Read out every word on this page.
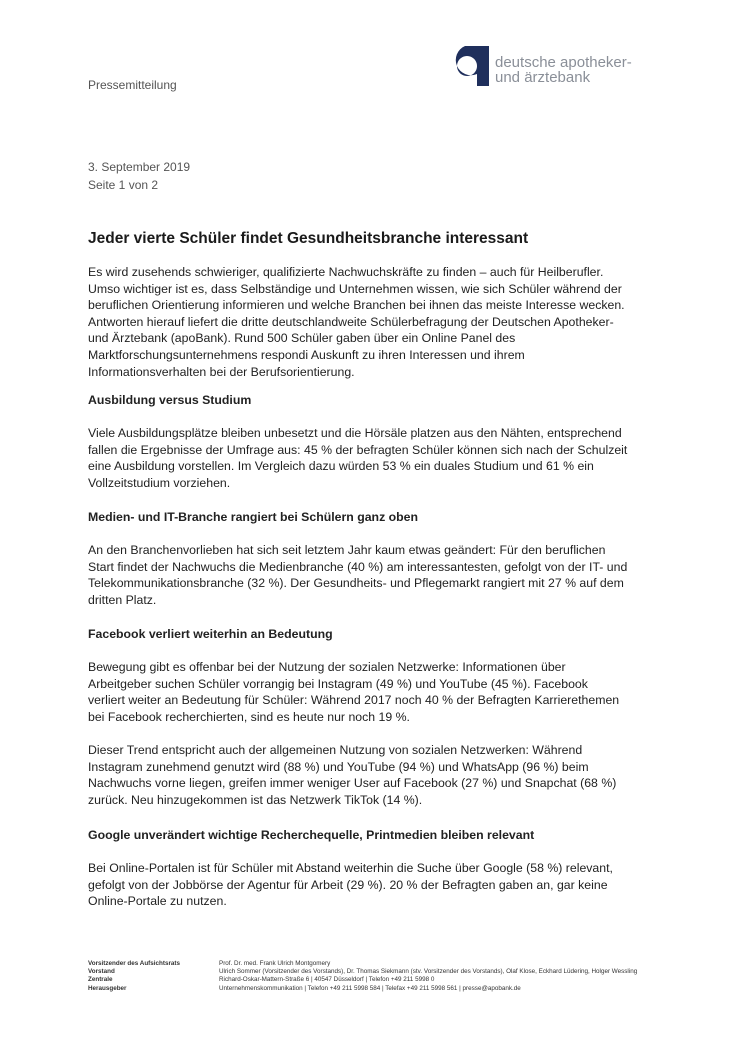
Pressemitteilung
deutsche apotheker-
und ärztebank
3. September 2019
Seite 1 von 2
Jeder vierte Schüler findet Gesundheitsbranche interessant

Es wird zusehends schwieriger, qualifizierte Nachwuchskräfte zu finden – auch für Heilberufler. Umso wichtiger ist es, dass Selbständige und Unternehmen wissen, wie sich Schüler während der beruflichen Orientierung informieren und welche Branchen bei ihnen das meiste Interesse wecken. Antworten hierauf liefert die dritte deutschlandweite Schülerbefragung der Deutschen Apotheker- und Ärztebank (apoBank). Rund 500 Schüler gaben über ein Online Panel des Marktforschungsunternehmens respondi Auskunft zu ihren Interessen und ihrem Informationsverhalten bei der Berufsorientierung.

Ausbildung versus Studium

Viele Ausbildungsplätze bleiben unbesetzt und die Hörsäle platzen aus den Nähten, entsprechend fallen die Ergebnisse der Umfrage aus: 45 % der befragten Schüler können sich nach der Schulzeit eine Ausbildung vorstellen. Im Vergleich dazu würden 53 % ein duales Studium und 61 % ein Vollzeitstudium vorziehen.

Medien- und IT-Branche rangiert bei Schülern ganz oben

An den Branchenvorlieben hat sich seit letztem Jahr kaum etwas geändert: Für den beruflichen Start findet der Nachwuchs die Medienbranche (40 %) am interessantesten, gefolgt von der IT- und Telekommunikationsbranche (32 %). Der Gesundheits- und Pflegemarkt rangiert mit 27 % auf dem dritten Platz.

Facebook verliert weiterhin an Bedeutung

Bewegung gibt es offenbar bei der Nutzung der sozialen Netzwerke: Informationen über Arbeitgeber suchen Schüler vorrangig bei Instagram (49 %) und YouTube (45 %). Facebook verliert weiter an Bedeutung für Schüler: Während 2017 noch 40 % der Befragten Karrierethemen bei Facebook recherchierten, sind es heute nur noch 19 %.

Dieser Trend entspricht auch der allgemeinen Nutzung von sozialen Netzwerken: Während Instagram zunehmend genutzt wird (88 %) und YouTube (94 %) und WhatsApp (96 %) beim Nachwuchs vorne liegen, greifen immer weniger User auf Facebook (27 %) und Snapchat (68 %) zurück. Neu hinzugekommen ist das Netzwerk TikTok (14 %).

Google unverändert wichtige Recherchequelle, Printmedien bleiben relevant

Bei Online-Portalen ist für Schüler mit Abstand weiterhin die Suche über Google (58 %) relevant, gefolgt von der Jobbörse der Agentur für Arbeit (29 %). 20 % der Befragten gaben an, gar keine Online-Portale zu nutzen.

Vorsitzender des Aufsichtsrats
Vorstand
Zentrale
Herausgeber
Prof. Dr. med. Frank Ulrich Montgomery
Ulrich Sommer (Vorsitzender des Vorstands), Dr. Thomas Siekmann (stv. Vorsitzender des Vorstands), Olaf Klose, Eckhard Lüdering, Holger Wessling
Richard-Oskar-Mattern-Straße 6 | 40547 Düsseldorf | Telefon +49 211 5998 0
Unternehmenskommunikation | Telefon +49 211 5998 584 | Telefax +49 211 5998 561 | presse@apobank.de
